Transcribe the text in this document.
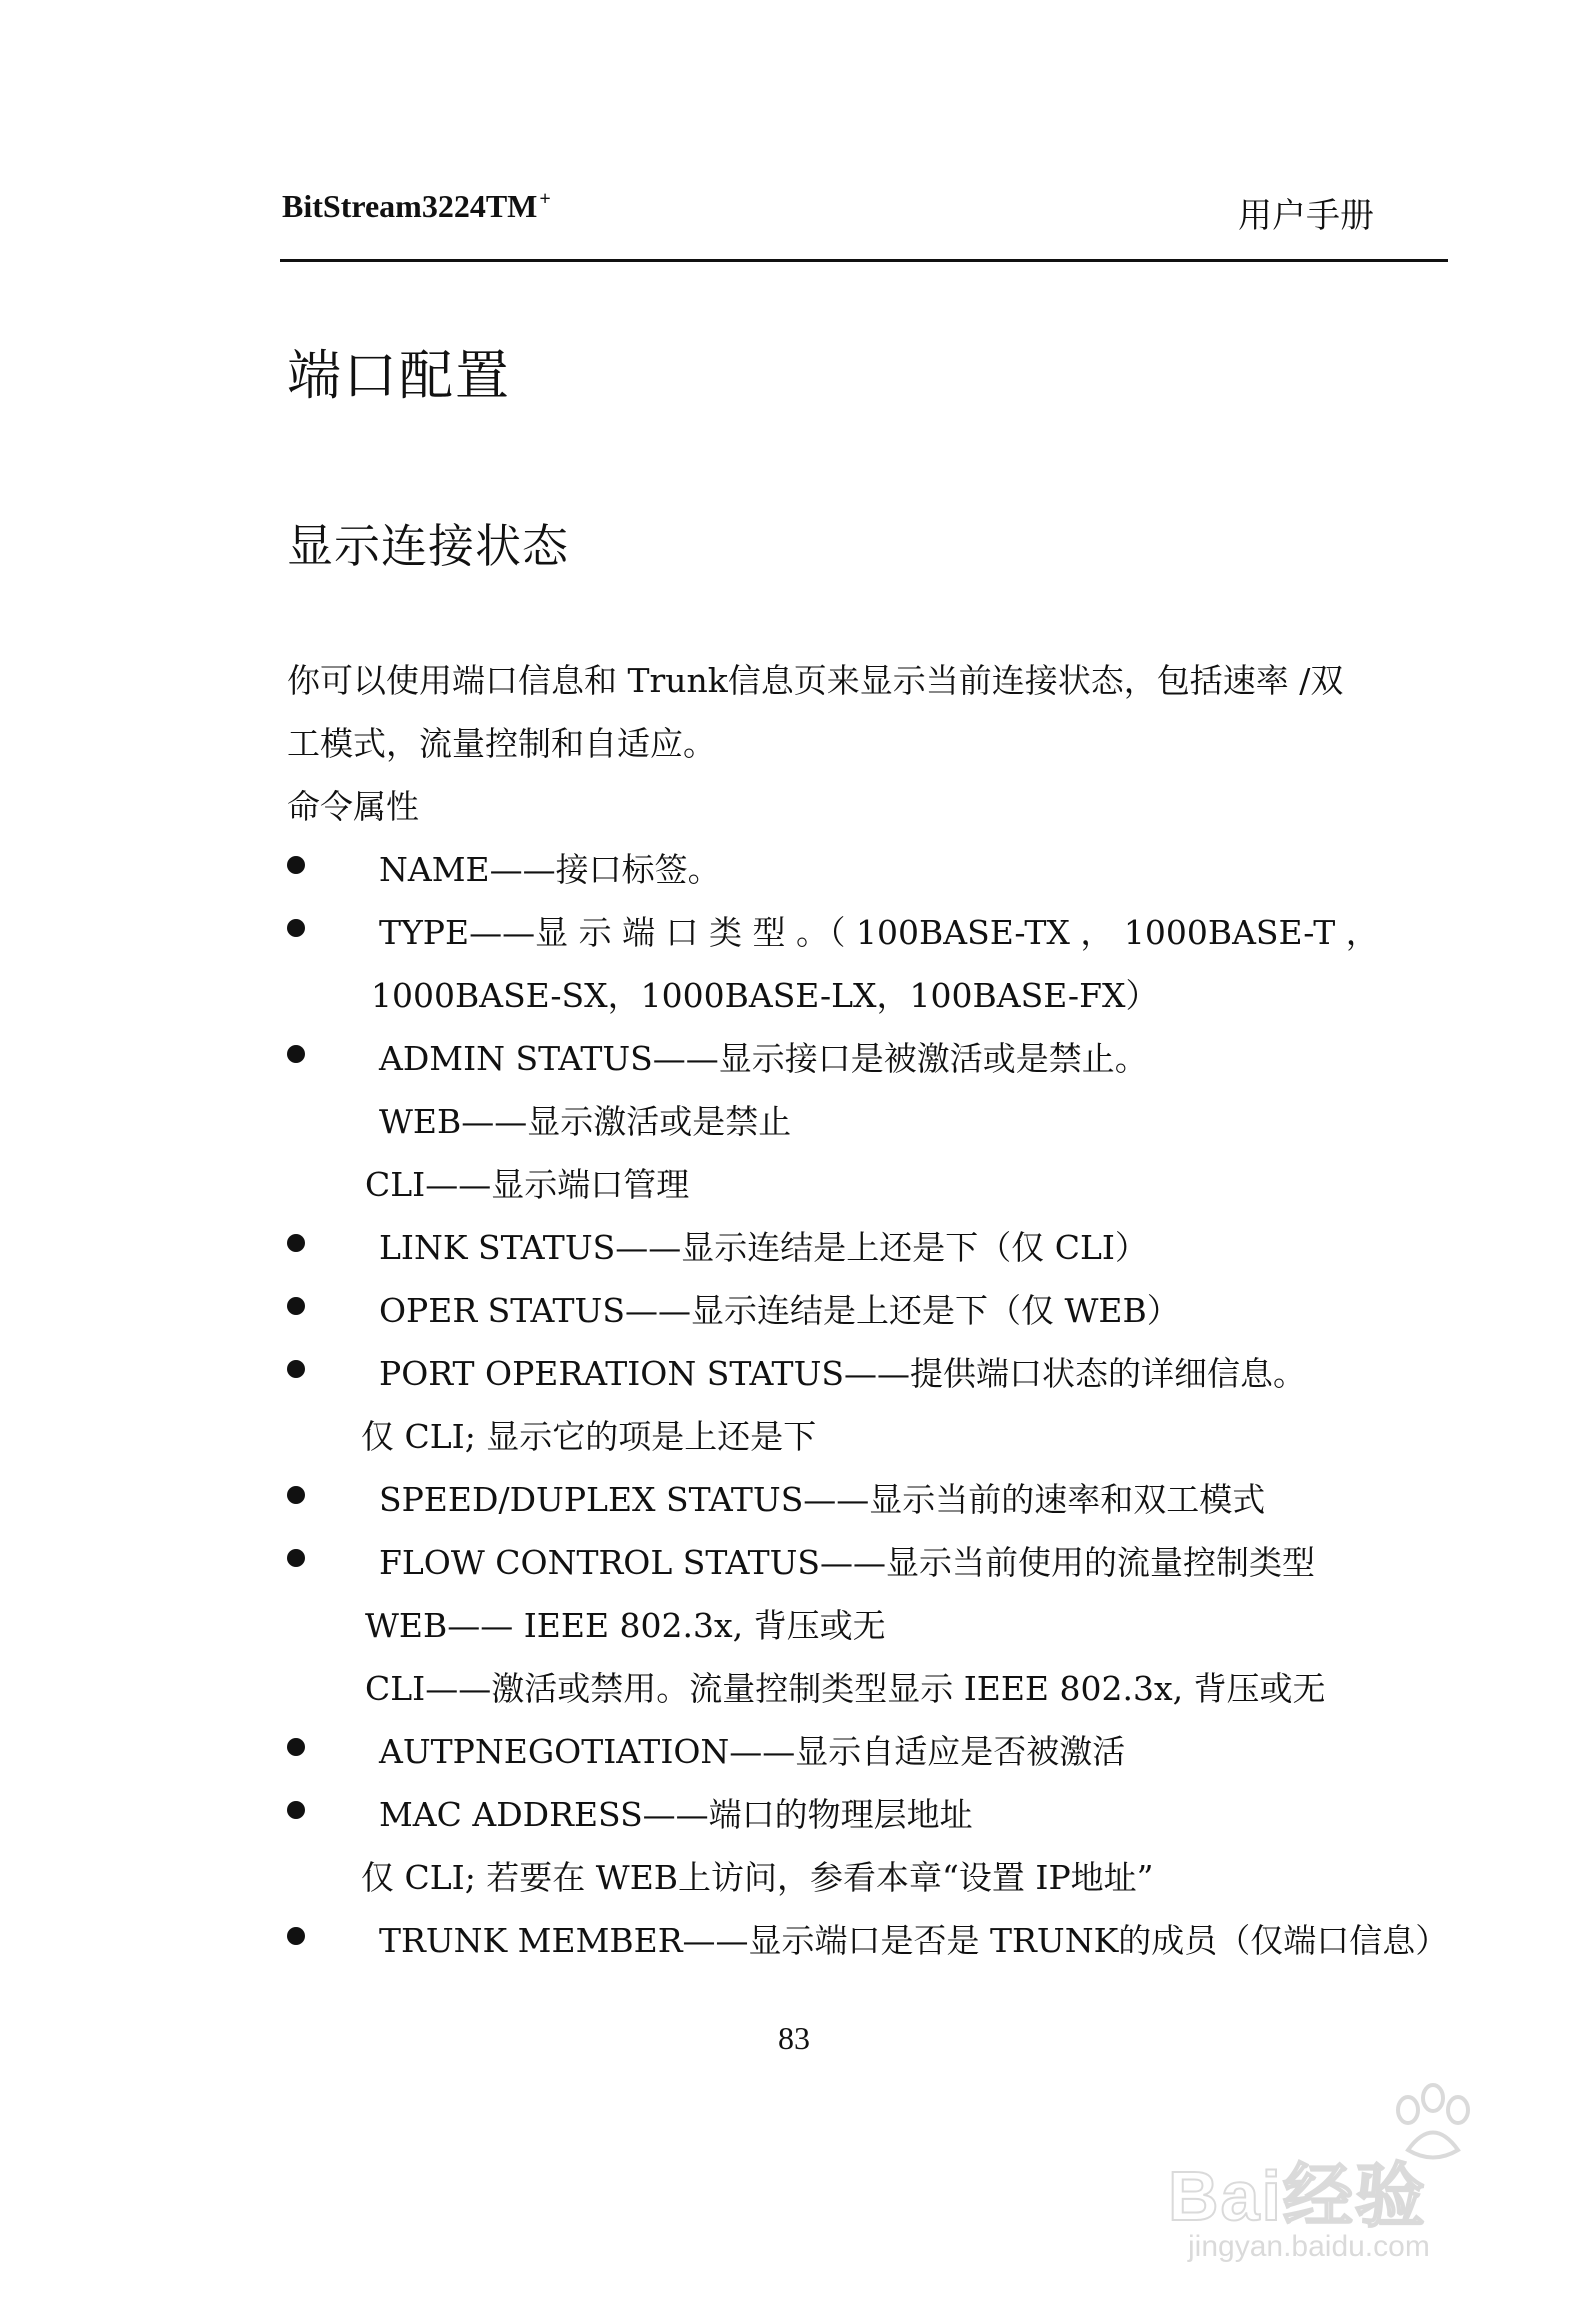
BitStream3224TM +	用户手册
端口配置
显示连接状态
你可以使用端口信息和 Trunk信息页来显示当前连接状态，包括速率 /双
工模式，流量控制和自适应。
命令属性
NAME——接口标签。
TYPE——显 示 端 口 类 型 。（ 100BASE-TX ， 1000BASE-T ，
1000BASE-SX，1000BASE-LX，100BASE-FX）
ADMIN STATUS——显示接口是被激活或是禁止。
WEB——显示激活或是禁止
CLI——显示端口管理
LINK STATUS——显示连结是上还是下（仅 CLI）
OPER STATUS——显示连结是上还是下（仅 WEB）
PORT OPERATION STATUS——提供端口状态的详细信息。
仅 CLI; 显示它的项是上还是下
SPEED/DUPLEX STATUS——显示当前的速率和双工模式
FLOW CONTROL STATUS——显示当前使用的流量控制类型
WEB—— IEEE 802.3x, 背压或无
CLI——激活或禁用。流量控制类型显示 IEEE 802.3x, 背压或无
AUTPNEGOTIATION——显示自适应是否被激活
MAC ADDRESS——端口的物理层地址
仅 CLI; 若要在 WEB上访问，参看本章“设置 IP地址”
TRUNK MEMBER——显示端口是否是 TRUNK的成员（仅端口信息）
83
Bai经验
jingyan.baidu.com
